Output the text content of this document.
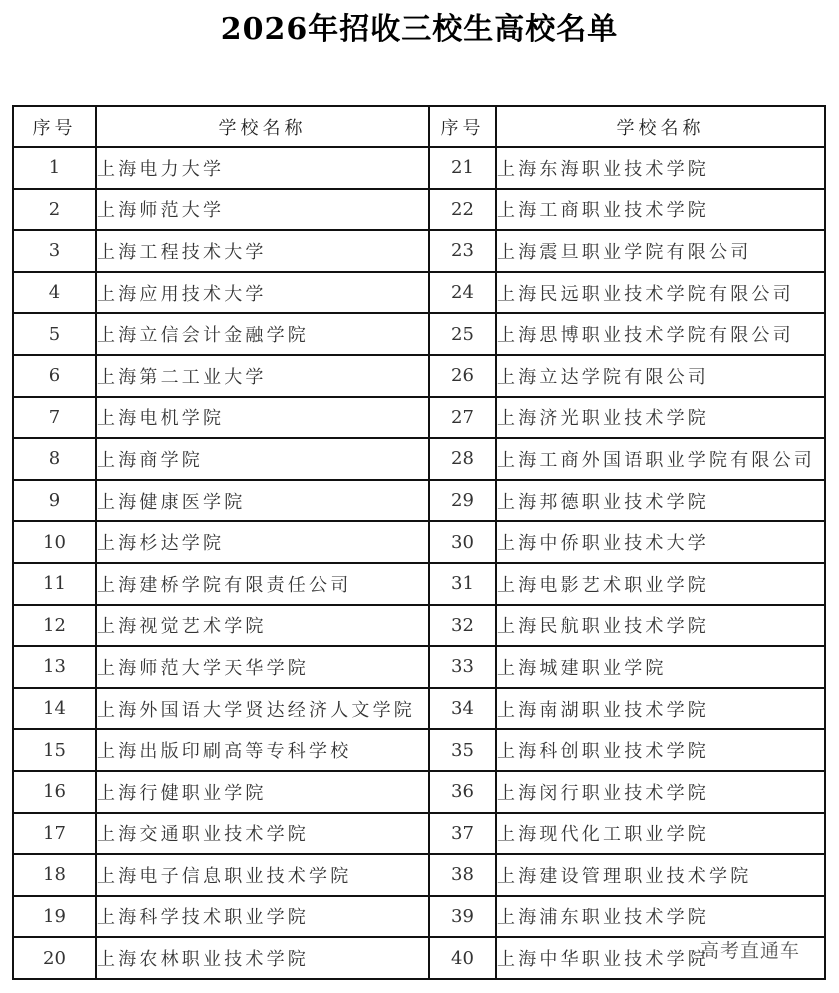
2026年招收三校生高校名单
序号	学校名称	序号	学校名称
1	上海电力大学	21	上海东海职业技术学院
2	上海师范大学	22	上海工商职业技术学院
3	上海工程技术大学	23	上海震旦职业学院有限公司
4	上海应用技术大学	24	上海民远职业技术学院有限公司
5	上海立信会计金融学院	25	上海思博职业技术学院有限公司
6	上海第二工业大学	26	上海立达学院有限公司
7	上海电机学院	27	上海济光职业技术学院
8	上海商学院	28	上海工商外国语职业学院有限公司
9	上海健康医学院	29	上海邦德职业技术学院
10	上海杉达学院	30	上海中侨职业技术大学
11	上海建桥学院有限责任公司	31	上海电影艺术职业学院
12	上海视觉艺术学院	32	上海民航职业技术学院
13	上海师范大学天华学院	33	上海城建职业学院
14	上海外国语大学贤达经济人文学院	34	上海南湖职业技术学院
15	上海出版印刷高等专科学校	35	上海科创职业技术学院
16	上海行健职业学院	36	上海闵行职业技术学院
17	上海交通职业技术学院	37	上海现代化工职业学院
18	上海电子信息职业技术学院	38	上海建设管理职业技术学院
19	上海科学技术职业学院	39	上海浦东职业技术学院
20	上海农林职业技术学院	40	上海中华职业技术学院
高考直通车
